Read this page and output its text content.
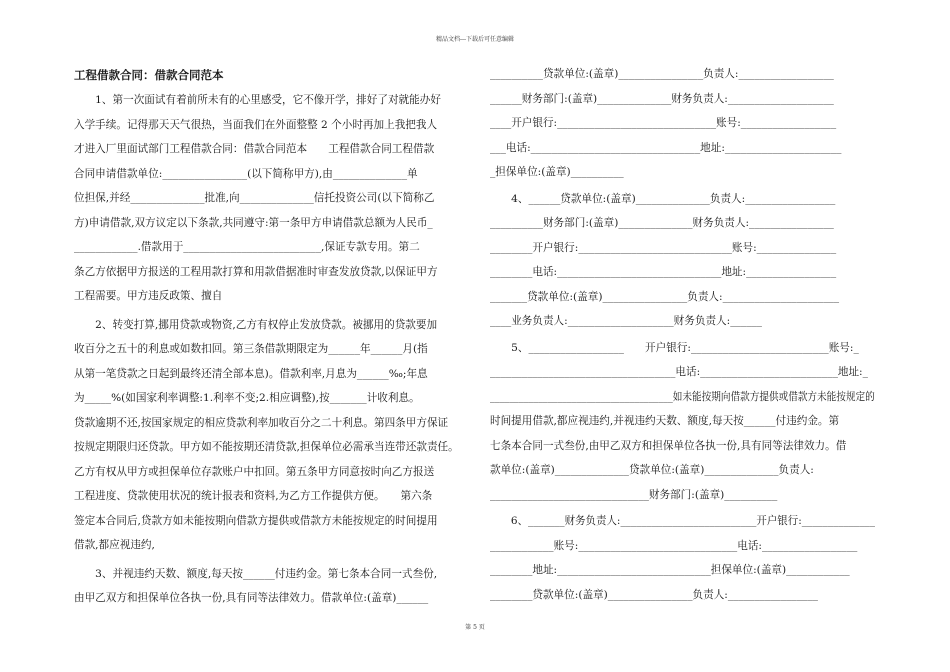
精品文档---下载后可任意编辑
工程借款合同：借款合同范本
　　1、第一次面试有着前所未有的心里感受，它不像开学，排好了对就能办好
入学手续。记得那天天气很热，当面我们在外面整整 2 个小时再加上我把我人
才进入厂里面试部门工程借款合同：借款合同范本　　工程借款合同工程借款
合同申请借款单位:________________(以下简称甲方),由______________单
位担保,并经______________批准,向______________信托投资公司(以下简称乙
方)申请借款,双方议定以下条款,共同遵守:第一条甲方申请借款总额为人民币_
____________.借款用于__________________________,保证专款专用。第二
条乙方依据甲方报送的工程用款打算和用款借据准时审查发放贷款,以保证甲方
工程需要。甲方违反政策、擅自
　　2、转变打算,挪用贷款或物资,乙方有权停止发放贷款。被挪用的贷款要加
收百分之五十的利息或如数扣回。第三条借款期限定为______年______月(指
从第一笔贷款之日起到最终还清全部本息)。借款利率,月息为______‰;年息
为_____%(如国家利率调整:1.利率不变;2.相应调整),按_______计收利息。
贷款逾期不还,按国家规定的相应贷款利率加收百分之二十利息。第四条甲方保证
按规定期限归还贷款。甲方如不能按期还清贷款,担保单位必需承当连带还款责任。
乙方有权从甲方或担保单位存款账户中扣回。第五条甲方同意按时向乙方报送
工程进度、贷款使用状况的统计报表和资料,为乙方工作提供方便。　　第六条
签定本合同后,贷款方如未能按期向借款方提供或借款方未能按规定的时间提用
借款,都应视违约,
　　3、并视违约天数、额度,每天按______付违约金。第七条本合同一式叁份,
由甲乙双方和担保单位各执一份,具有同等法律效力。借款单位:(盖章)______
__________贷款单位:(盖章)________________负责人:__________________
______财务部门:(盖章)______________财务负责人:____________________
____开户银行:______________________________账号:__________________
___电话:________________________________地址:______________________
_担保单位:(盖章)__________
　　4、______贷款单位:(盖章)______________负责人:_________________
__________财务部门:(盖章)______________财务负责人:________________
________开户银行:_____________________________账号:_______________
________电话:_______________________________地址:_________________
_______贷款单位:(盖章)________________负责人:______________________
____业务负责人:____________________财务负责人:______
　　5、__________________　　开户银行:__________________________账号:_
___________________________________电话:__________________________地址:_
______________________________________如未能按期向借款方提供或借款方未能按规定的
时间提用借款,都应视违约,并视违约天数、额度,每天按______付违约金。第
七条本合同一式叁份,由甲乙双方和担保单位各执一份,具有同等法律效力。借
款单位:(盖章)______________贷款单位:(盖章)______________负责人:
______________________________财务部门:(盖章)__________
　　6、_______财务负责人:__________________________开户银行:______________
____________账号:______________________________电话:__________________
________地址:_____________________________担保单位:(盖章)____________
________贷款单位:(盖章)________________负责人:_________________
第 5 页
